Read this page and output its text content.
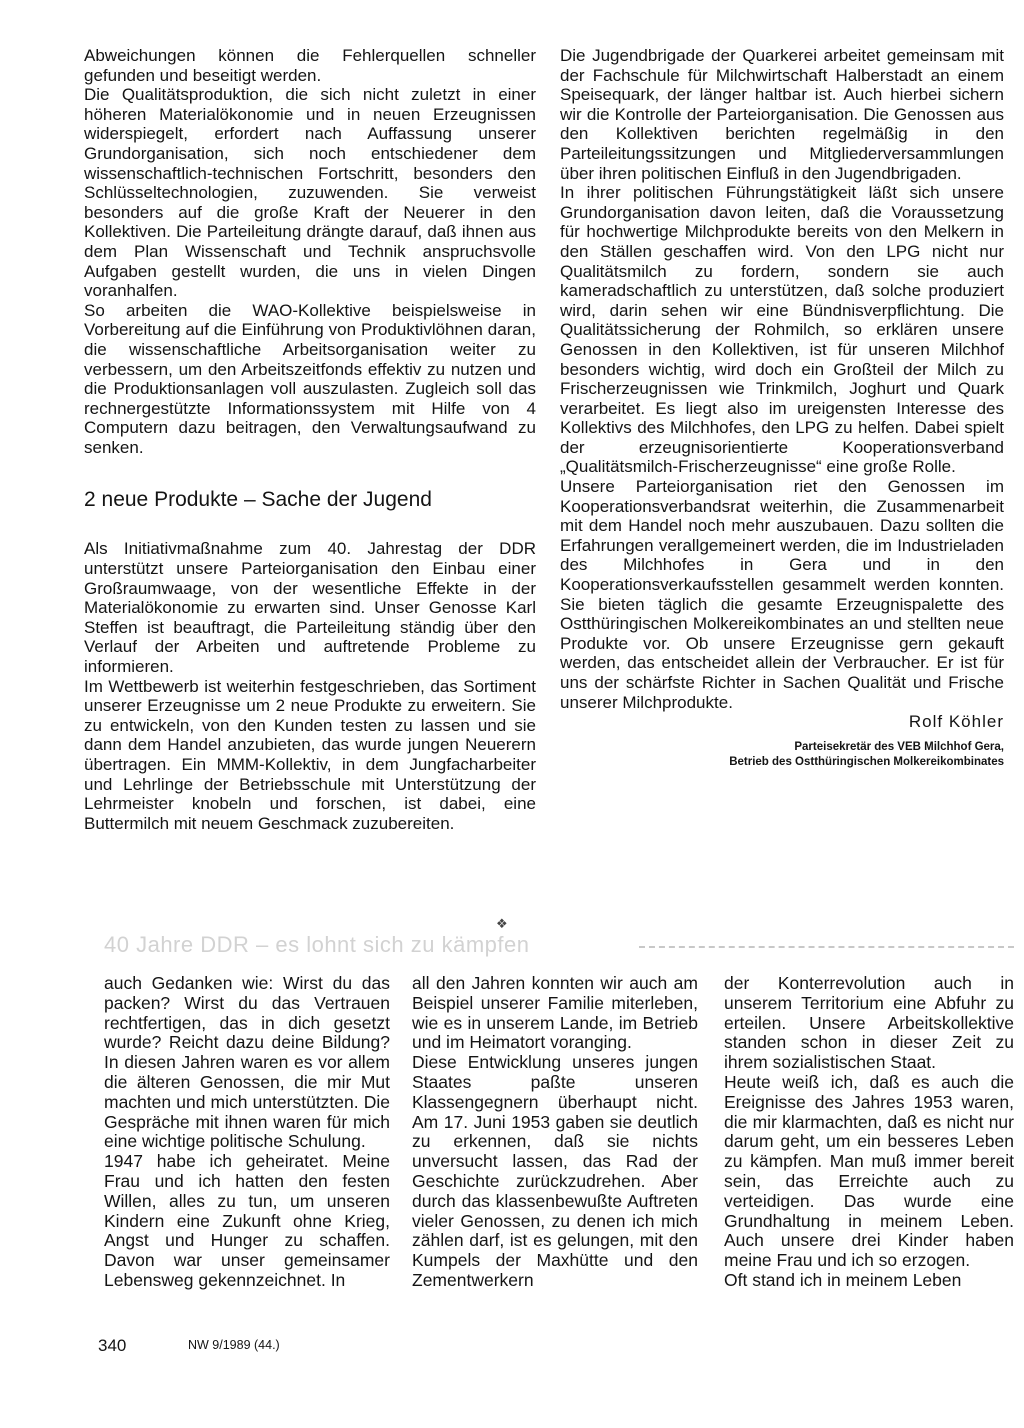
Abweichungen können die Fehlerquellen schneller gefunden und beseitigt werden.

Die Qualitätsproduktion, die sich nicht zuletzt in einer höheren Materialökonomie und in neuen Erzeugnissen widerspiegelt, erfordert nach Auffassung unserer Grundorganisation, sich noch entschiedener dem wissenschaftlich-technischen Fortschritt, besonders den Schlüsseltechnologien, zuzuwenden. Sie verweist besonders auf die große Kraft der Neuerer in den Kollektiven. Die Parteileitung drängte darauf, daß ihnen aus dem Plan Wissenschaft und Technik anspruchsvolle Aufgaben gestellt wurden, die uns in vielen Dingen voranhalfen.

So arbeiten die WAO-Kollektive beispielsweise in Vorbereitung auf die Einführung von Produktivlöhnen daran, die wissenschaftliche Arbeitsorganisation weiter zu verbessern, um den Arbeitszeitfonds effektiv zu nutzen und die Produktionsanlagen voll auszulasten. Zugleich soll das rechnergestützte Informationssystem mit Hilfe von 4 Computern dazu beitragen, den Verwaltungsaufwand zu senken.

2 neue Produkte – Sache der Jugend

Als Initiativmaßnahme zum 40. Jahrestag der DDR unterstützt unsere Parteiorganisation den Einbau einer Großraumwaage, von der wesentliche Effekte in der Materialökonomie zu erwarten sind. Unser Genosse Karl Steffen ist beauftragt, die Parteileitung ständig über den Verlauf der Arbeiten und auftretende Probleme zu informieren.

Im Wettbewerb ist weiterhin festgeschrieben, das Sortiment unserer Erzeugnisse um 2 neue Produkte zu erweitern. Sie zu entwickeln, von den Kunden testen zu lassen und sie dann dem Handel anzubieten, das wurde jungen Neuerern übertragen. Ein MMM-Kollektiv, in dem Jungfacharbeiter und Lehrlinge der Betriebsschule mit Unterstützung der Lehrmeister knobeln und forschen, ist dabei, eine Buttermilch mit neuem Geschmack zuzubereiten.

Die Jugendbrigade der Quarkerei arbeitet gemeinsam mit der Fachschule für Milchwirtschaft Halberstadt an einem Speisequark, der länger haltbar ist. Auch hierbei sichern wir die Kontrolle der Parteiorganisation. Die Genossen aus den Kollektiven berichten regelmäßig in den Parteileitungssitzungen und Mitgliederversammlungen über ihren politischen Einfluß in den Jugendbrigaden.

In ihrer politischen Führungstätigkeit läßt sich unsere Grundorganisation davon leiten, daß die Voraussetzung für hochwertige Milchprodukte bereits von den Melkern in den Ställen geschaffen wird. Von den LPG nicht nur Qualitätsmilch zu fordern, sondern sie auch kameradschaftlich zu unterstützen, daß solche produziert wird, darin sehen wir eine Bündnisverpflichtung. Die Qualitätssicherung der Rohmilch, so erklären unsere Genossen in den Kollektiven, ist für unseren Milchhof besonders wichtig, wird doch ein Großteil der Milch zu Frischerzeugnissen wie Trinkmilch, Joghurt und Quark verarbeitet. Es liegt also im ureigensten Interesse des Kollektivs des Milchhofes, den LPG zu helfen. Dabei spielt der erzeugnisorientierte Kooperationsverband „Qualitätsmilch-Frischerzeugnisse“ eine große Rolle.

Unsere Parteiorganisation riet den Genossen im Kooperationsverbandsrat weiterhin, die Zusammenarbeit mit dem Handel noch mehr auszubauen. Dazu sollten die Erfahrungen verallgemeinert werden, die im Industrieladen des Milchhofes in Gera und in den Kooperationsverkaufsstellen gesammelt werden konnten. Sie bieten täglich die gesamte Erzeugnispalette des Ostthüringischen Molkereikombinates an und stellten neue Produkte vor. Ob unsere Erzeugnisse gern gekauft werden, das entscheidet allein der Verbraucher. Er ist für uns der schärfste Richter in Sachen Qualität und Frische unserer Milchprodukte.

Rolf Köhler

Parteisekretär des VEB Milchhof Gera,
Betrieb des Ostthüringischen Molkereikombinates
❖
40 Jahre DDR – es lohnt sich zu kämpfen

auch Gedanken wie: Wirst du das packen? Wirst du das Vertrauen rechtfertigen, das in dich gesetzt wurde? Reicht dazu deine Bildung? In diesen Jahren waren es vor allem die älteren Genossen, die mir Mut machten und mich unterstützten. Die Gespräche mit ihnen waren für mich eine wichtige politische Schulung.

1947 habe ich geheiratet. Meine Frau und ich hatten den festen Willen, alles zu tun, um unseren Kindern eine Zukunft ohne Krieg, Angst und Hunger zu schaffen. Davon war unser gemeinsamer Lebensweg gekennzeichnet. In

all den Jahren konnten wir auch am Beispiel unserer Familie miterleben, wie es in unserem Lande, im Betrieb und im Heimatort voranging.

Diese Entwicklung unseres jungen Staates paßte unseren Klassengegnern überhaupt nicht. Am 17. Juni 1953 gaben sie deutlich zu erkennen, daß sie nichts unversucht lassen, das Rad der Geschichte zurückzudrehen. Aber durch das klassenbewußte Auftreten vieler Genossen, zu denen ich mich zählen darf, ist es gelungen, mit den Kumpels der Maxhütte und den Zementwerkern

der Konterrevolution auch in unserem Territorium eine Abfuhr zu erteilen. Unsere Arbeitskollektive standen schon in dieser Zeit zu ihrem sozialistischen Staat.

Heute weiß ich, daß es auch die Ereignisse des Jahres 1953 waren, die mir klarmachten, daß es nicht nur darum geht, um ein besseres Leben zu kämpfen. Man muß immer bereit sein, das Erreichte auch zu verteidigen. Das wurde eine Grundhaltung in meinem Leben. Auch unsere drei Kinder haben meine Frau und ich so erzogen.

Oft stand ich in meinem Leben

340	NW 9/1989 (44.)
